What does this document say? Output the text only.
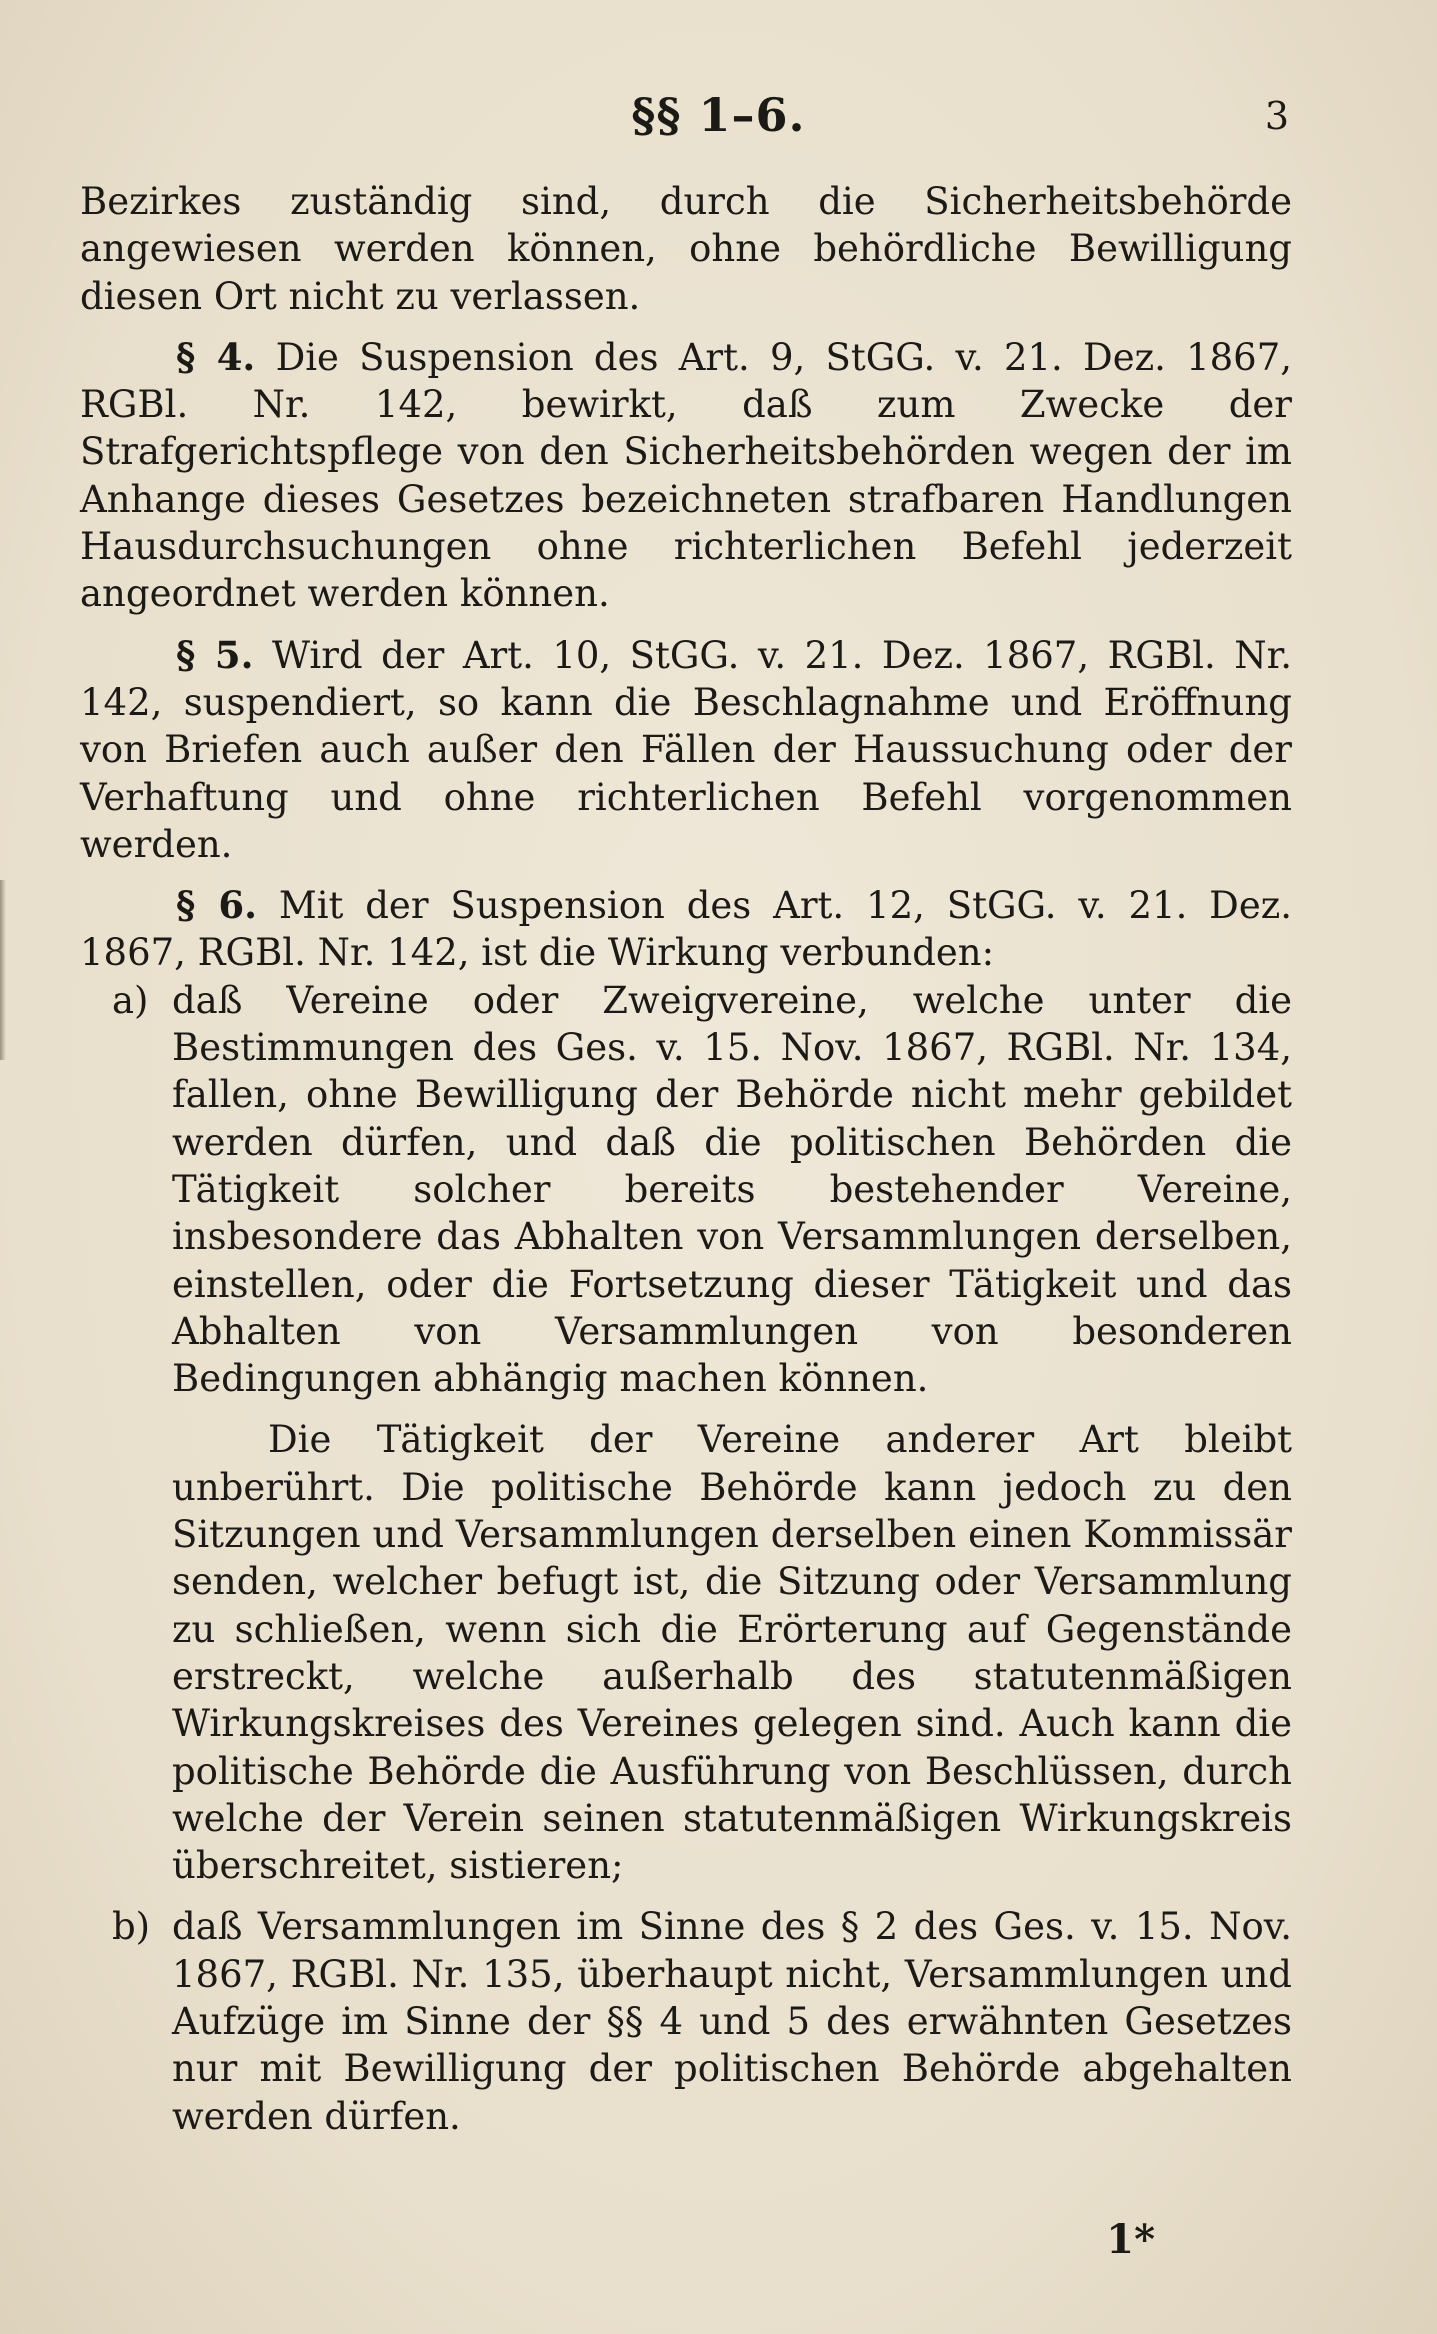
§§ 1–6.	3

Bezirkes zuständig sind, durch die Sicherheitsbehörde angewiesen werden können, ohne behördliche Bewilligung diesen Ort nicht zu verlassen.

§ 4. Die Suspension des Art. 9, StGG. v. 21. Dez. 1867, RGBl. Nr. 142, bewirkt, daß zum Zwecke der Strafgerichtspflege von den Sicherheitsbehörden wegen der im Anhange dieses Gesetzes bezeichneten strafbaren Handlungen Hausdurchsuchungen ohne richterlichen Befehl jederzeit angeordnet werden können.

§ 5. Wird der Art. 10, StGG. v. 21. Dez. 1867, RGBl. Nr. 142, suspendiert, so kann die Beschlagnahme und Eröffnung von Briefen auch außer den Fällen der Haussuchung oder der Verhaftung und ohne richterlichen Befehl vorgenommen werden.

§ 6. Mit der Suspension des Art. 12, StGG. v. 21. Dez. 1867, RGBl. Nr. 142, ist die Wirkung verbunden:

a) daß Vereine oder Zweigvereine, welche unter die Bestimmungen des Ges. v. 15. Nov. 1867, RGBl. Nr. 134, fallen, ohne Bewilligung der Behörde nicht mehr gebildet werden dürfen, und daß die politischen Behörden die Tätigkeit solcher bereits bestehender Vereine, insbesondere das Abhalten von Versammlungen derselben, einstellen, oder die Fortsetzung dieser Tätigkeit und das Abhalten von Versammlungen von besonderen Bedingungen abhängig machen können.

Die Tätigkeit der Vereine anderer Art bleibt unberührt. Die politische Behörde kann jedoch zu den Sitzungen und Versammlungen derselben einen Kommissär senden, welcher befugt ist, die Sitzung oder Versammlung zu schließen, wenn sich die Erörterung auf Gegenstände erstreckt, welche außerhalb des statutenmäßigen Wirkungskreises des Vereines gelegen sind. Auch kann die politische Behörde die Ausführung von Beschlüssen, durch welche der Verein seinen statutenmäßigen Wirkungskreis überschreitet, sistieren;

b) daß Versammlungen im Sinne des § 2 des Ges. v. 15. Nov. 1867, RGBl. Nr. 135, überhaupt nicht, Versammlungen und Aufzüge im Sinne der §§ 4 und 5 des erwähnten Gesetzes nur mit Bewilligung der politischen Behörde abgehalten werden dürfen.

1*
